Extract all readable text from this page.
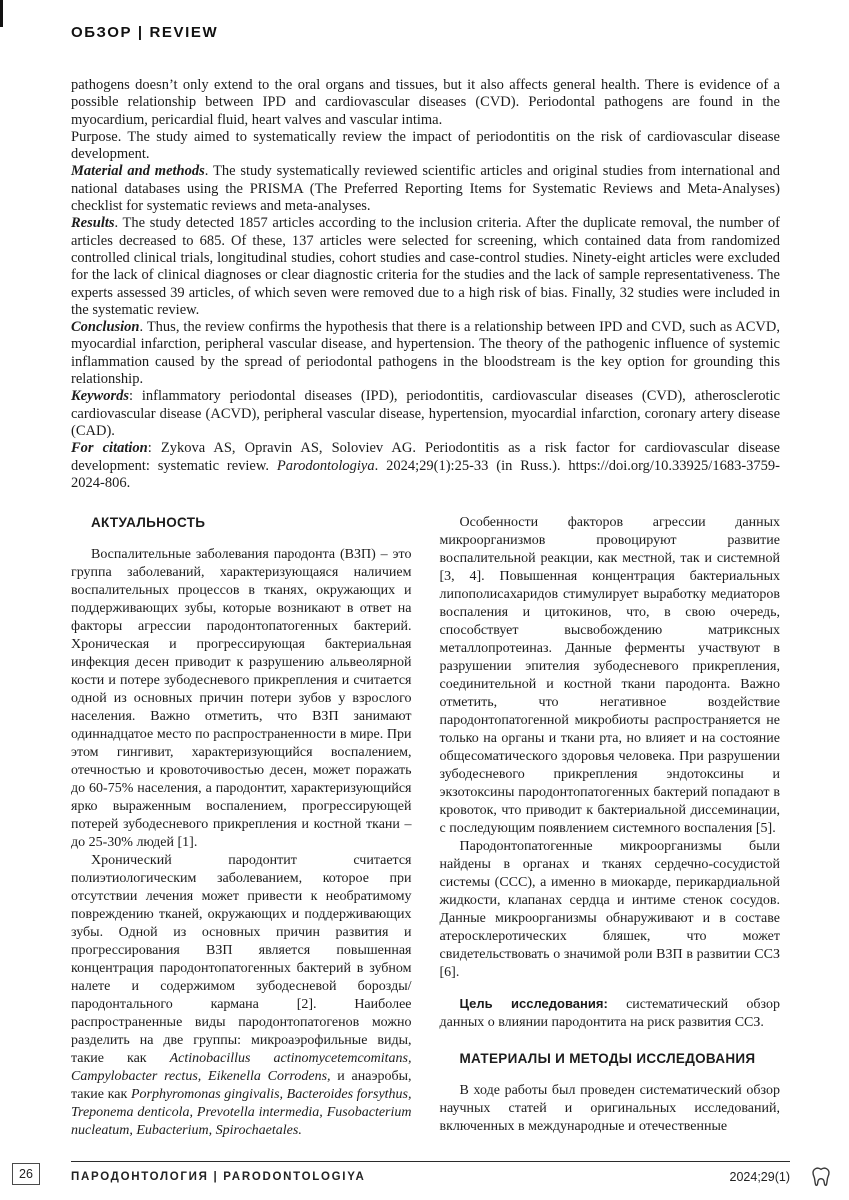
ОБЗОР | REVIEW

pathogens doesn’t only extend to the oral organs and tissues, but it also affects general health. There is evidence of a possible relationship between IPD and cardiovascular diseases (CVD). Periodontal pathogens are found in the myocardium, pericardial fluid, heart valves and vascular intima.

Purpose. The study aimed to systematically review the impact of periodontitis on the risk of cardiovascular disease development.

Material and methods. The study systematically reviewed scientific articles and original studies from international and national databases using the PRISMA (The Preferred Reporting Items for Systematic Reviews and Meta-Analyses) checklist for systematic reviews and meta-analyses.

Results. The study detected 1857 articles according to the inclusion criteria. After the duplicate removal, the number of articles decreased to 685. Of these, 137 articles were selected for screening, which contained data from randomized controlled clinical trials, longitudinal studies, cohort studies and case-control studies. Ninety-eight articles were excluded for the lack of clinical diagnoses or clear diagnostic criteria for the studies and the lack of sample representativeness. The experts assessed 39 articles, of which seven were removed due to a high risk of bias. Finally, 32 studies were included in the systematic review.

Conclusion. Thus, the review confirms the hypothesis that there is a relationship between IPD and CVD, such as ACVD, myocardial infarction, peripheral vascular disease, and hypertension. The theory of the pathogenic influence of systemic inflammation caused by the spread of periodontal pathogens in the bloodstream is the key option for grounding this relationship.

Keywords: inflammatory periodontal diseases (IPD), periodontitis, cardiovascular diseases (CVD), atherosclerotic cardiovascular disease (ACVD), peripheral vascular disease, hypertension, myocardial infarction, coronary artery disease (CAD).

For citation: Zykova AS, Opravin AS, Soloviev AG. Periodontitis as a risk factor for cardiovascular disease development: systematic review. Parodontologiya. 2024;29(1):25-33 (in Russ.). https://doi.org/10.33925/1683-3759-2024-806.

АКТУАЛЬНОСТЬ

Воспалительные заболевания пародонта (ВЗП) – это группа заболеваний, характеризующаяся наличием воспалительных процессов в тканях, окружающих и поддерживающих зубы, которые возникают в ответ на факторы агрессии пародонтопатогенных бактерий. Хроническая и прогрессирующая бактериальная инфекция десен приводит к разрушению альвеолярной кости и потере зубодесневого прикрепления и считается одной из основных причин потери зубов у взрослого населения. Важно отметить, что ВЗП занимают одиннадцатое место по распространенности в мире. При этом гингивит, характеризующийся воспалением, отечностью и кровоточивостью десен, может поражать до 60-75% населения, а пародонтит, характеризующийся ярко выраженным воспалением, прогрессирующей потерей зубодесневого прикрепления и костной ткани – до 25-30% людей [1].

Хронический пародонтит считается полиэтиологическим заболеванием, которое при отсутствии лечения может привести к необратимому повреждению тканей, окружающих и поддерживающих зубы. Одной из основных причин развития и прогрессирования ВЗП является повышенная концентрация пародонтопатогенных бактерий в зубном налете и содержимом зубодесневой борозды/пародонтального кармана [2]. Наиболее распространенные виды пародонтопатогенов можно разделить на две группы: микроаэрофильные виды, такие как Actinobacillus actinomycetemcomitans, Campylobacter rectus, Eikenella Corrodens, и анаэробы, такие как Porphyromonas gingivalis, Bacteroides forsythus, Treponema denticola, Prevotella intermedia, Fusobacterium nucleatum, Eubacterium, Spirochaetales.

Особенности факторов агрессии данных микроорганизмов провоцируют развитие воспалительной реакции, как местной, так и системной [3, 4]. Повышенная концентрация бактериальных липополисахаридов стимулирует выработку медиаторов воспаления и цитокинов, что, в свою очередь, способствует высвобождению матриксных металлопротеиназ. Данные ферменты участвуют в разрушении эпителия зубодесневого прикрепления, соединительной и костной ткани пародонта. Важно отметить, что негативное воздействие пародонтопатогенной микробиоты распространяется не только на органы и ткани рта, но влияет и на состояние общесоматического здоровья человека. При разрушении зубодесневого прикрепления эндотоксины и экзотоксины пародонтопатогенных бактерий попадают в кровоток, что приводит к бактериальной диссеминации, с последующим появлением системного воспаления [5].

Пародонтопатогенные микроорганизмы были найдены в органах и тканях сердечно-сосудистой системы (ССС), а именно в миокарде, перикардиальной жидкости, клапанах сердца и интиме стенок сосудов. Данные микроорганизмы обнаруживают и в составе атеросклеротических бляшек, что может свидетельствовать о значимой роли ВЗП в развитии ССЗ [6].

Цель исследования: систематический обзор данных о влиянии пародонтита на риск развития ССЗ.

МАТЕРИАЛЫ И МЕТОДЫ ИССЛЕДОВАНИЯ

В ходе работы был проведен систематический обзор научных статей и оригинальных исследований, включенных в международные и отечественные

26	ПАРОДОНТОЛОГИЯ | PARODONTOLOGIYA	2024;29(1)
